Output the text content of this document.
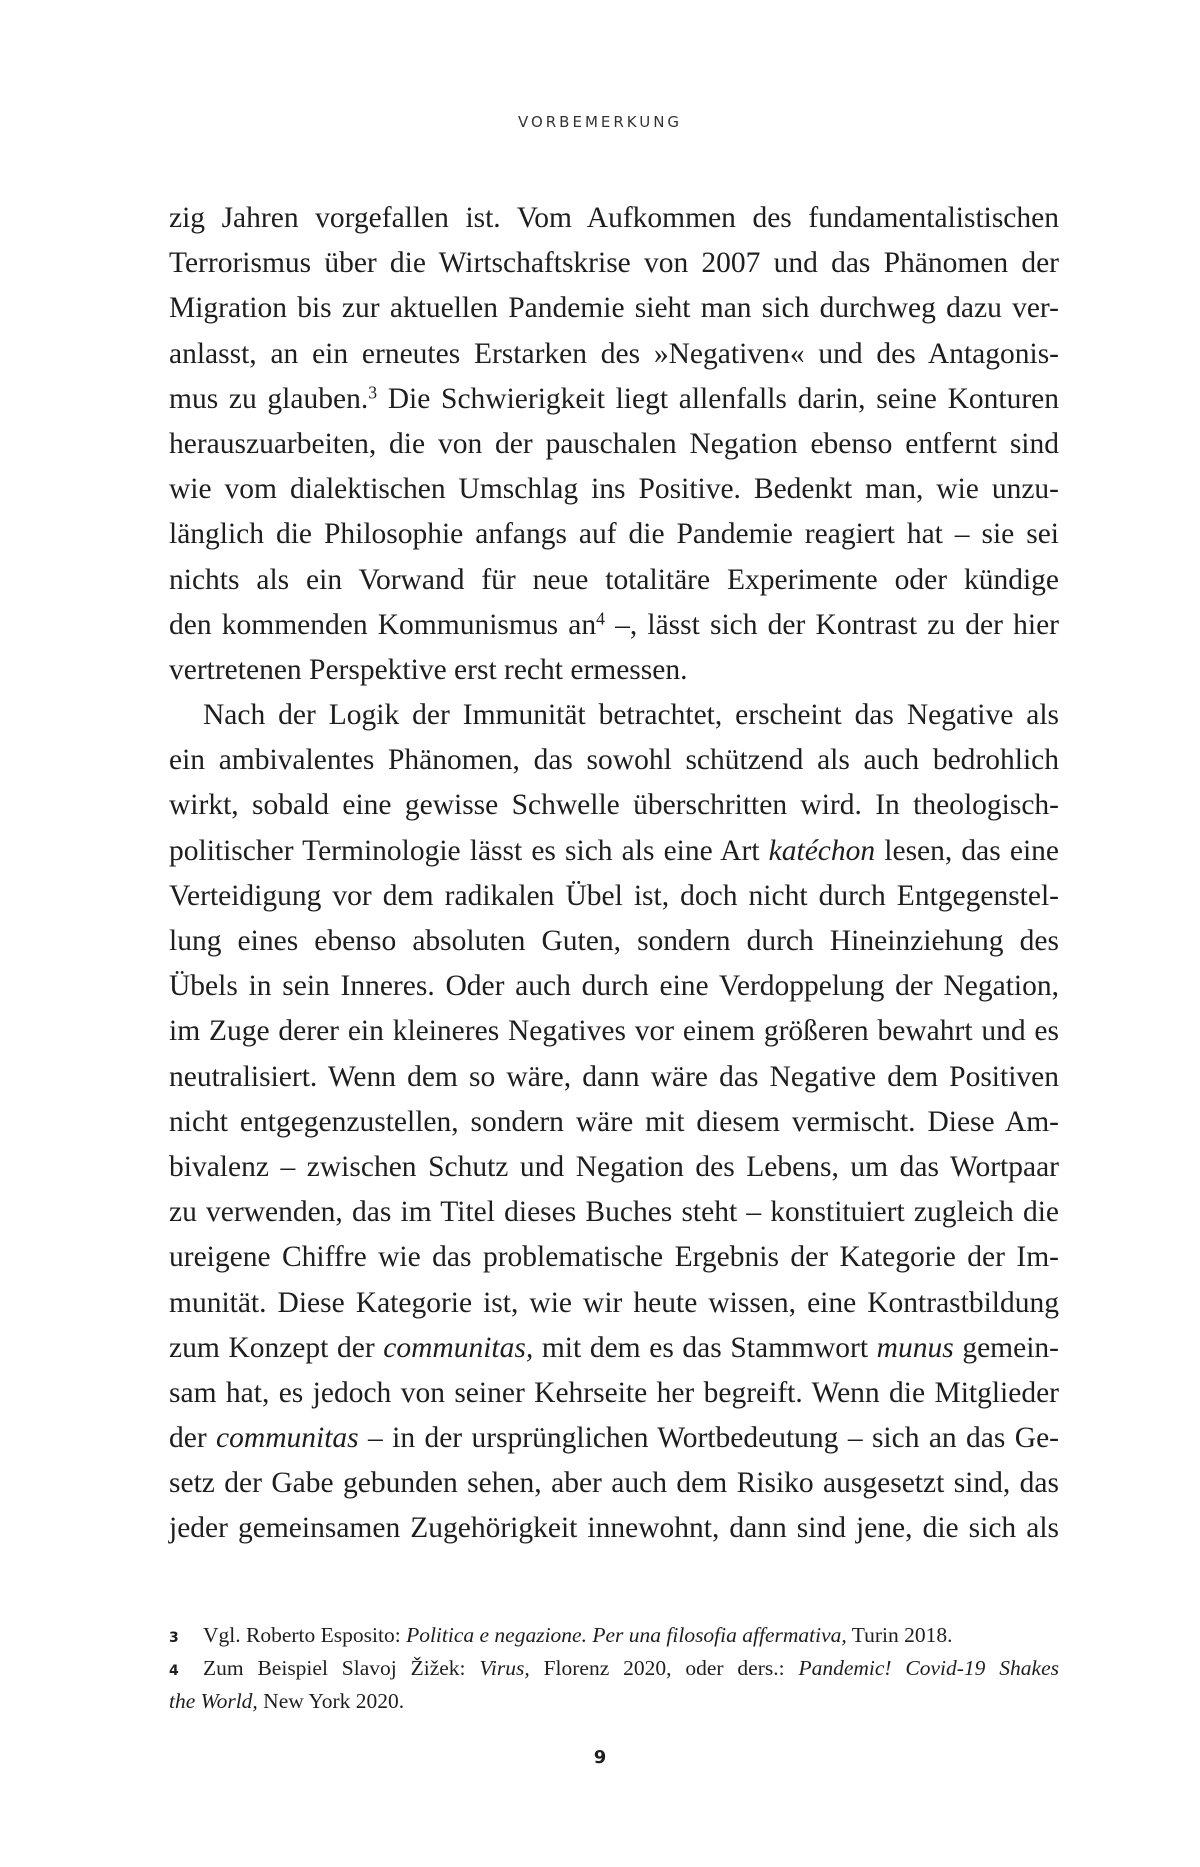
VORBEMERKUNG
zig Jahren vorgefallen ist. Vom Aufkommen des fundamentalistischen
Terrorismus über die Wirtschaftskrise von 2007 und das Phänomen der
Migration bis zur aktuellen Pandemie sieht man sich durchweg dazu ver-
anlasst, an ein erneutes Erstarken des »Negativen« und des Antagonis-
mus zu glauben.$^3$ Die Schwierigkeit liegt allenfalls darin, seine Konturen
herauszuarbeiten, die von der pauschalen Negation ebenso entfernt sind
wie vom dialektischen Umschlag ins Positive. Bedenkt man, wie unzu-
länglich die Philosophie anfangs auf die Pandemie reagiert hat – sie sei
nichts als ein Vorwand für neue totalitäre Experimente oder kündige
den kommenden Kommunismus $an^4$ –, lässt sich der Kontrast zu der hier
vertretenen Perspektive erst recht ermessen.
Nach der Logik der Immunität betrachtet, erscheint das Negative als
ein ambivalentes Phänomen, das sowohl schützend als auch bedrohlich
wirkt, sobald eine gewisse Schwelle überschritten wird. In theologisch-
politischer Terminologie lässt es sich als eine Art katéchon lesen, das eine
Verteidigung vor dem radikalen Übel ist, doch nicht durch Entgegenstel-
lung eines ebenso absoluten Guten, sondern durch Hineinziehung des
Übels in sein Inneres. Oder auch durch eine Verdoppelung der Negation,
im Zuge derer ein kleineres Negatives vor einem größeren bewahrt und es
neutralisiert. Wenn dem so wäre, dann wäre das Negative dem Positiven
nicht entgegenzustellen, sondern wäre mit diesem vermischt. Diese Am-
bivalenz – zwischen Schutz und Negation des Lebens, um das Wortpaar
zu verwenden, das im Titel dieses Buches steht – konstituiert zugleich die
ureigene Chiffre wie das problematische Ergebnis der Kategorie der Im-
munität. Diese Kategorie ist, wie wir heute wissen, eine Kontrastbildung
zum Konzept der communitas, mit dem es das Stammwort munus gemein-
sam hat, es jedoch von seiner Kehrseite her begreift. Wenn die Mitglieder
der communitas – in der ursprünglichen Wortbedeutung – sich an das Ge-
setz der Gabe gebunden sehen, aber auch dem Risiko ausgesetzt sind, das
jeder gemeinsamen Zugehörigkeit innewohnt, dann sind jene, die sich als
3 Vgl. Roberto Esposito: Politica e negazione. Per una filosofia affermativa, Turin 2018.
4 Zum Beispiel Slavoj Žižek: Virus, Florenz 2020, oder ders.: Pandemic! Covid-19 Shakes
the World, New York 2020.
9
